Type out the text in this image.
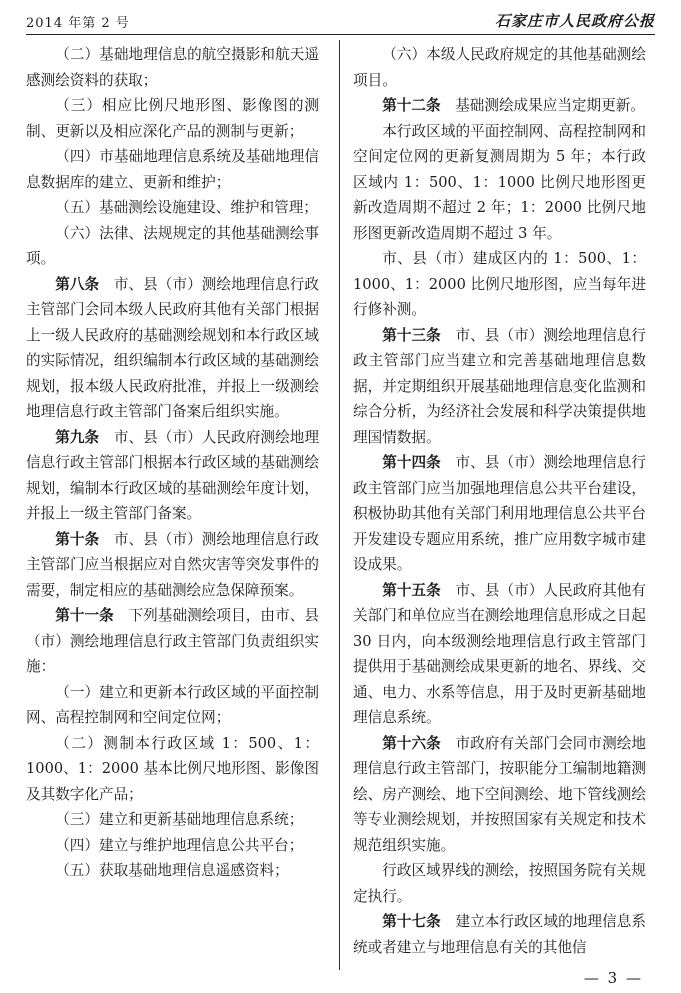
2014 年第 2 号	石家庄市人民政府公报

（二）基础地理信息的航空摄影和航天遥感测绘资料的获取；

（三）相应比例尺地形图、影像图的测制、更新以及相应深化产品的测制与更新；

（四）市基础地理信息系统及基础地理信息数据库的建立、更新和维护；

（五）基础测绘设施建设、维护和管理；

（六）法律、法规规定的其他基础测绘事项。

第八条　市、县（市）测绘地理信息行政主管部门会同本级人民政府其他有关部门根据上一级人民政府的基础测绘规划和本行政区域的实际情况，组织编制本行政区域的基础测绘规划，报本级人民政府批准，并报上一级测绘地理信息行政主管部门备案后组织实施。

第九条　市、县（市）人民政府测绘地理信息行政主管部门根据本行政区域的基础测绘规划，编制本行政区域的基础测绘年度计划，并报上一级主管部门备案。

第十条　市、县（市）测绘地理信息行政主管部门应当根据应对自然灾害等突发事件的需要，制定相应的基础测绘应急保障预案。

第十一条　下列基础测绘项目，由市、县（市）测绘地理信息行政主管部门负责组织实施：

（一）建立和更新本行政区域的平面控制网、高程控制网和空间定位网；

（二）测制本行政区域 1：500、1：1000、1：2000 基本比例尺地形图、影像图及其数字化产品；

（三）建立和更新基础地理信息系统；

（四）建立与维护地理信息公共平台；

（五）获取基础地理信息遥感资料；

（六）本级人民政府规定的其他基础测绘项目。

第十二条　基础测绘成果应当定期更新。

本行政区域的平面控制网、高程控制网和空间定位网的更新复测周期为 5 年；本行政区域内 1：500、1：1000 比例尺地形图更新改造周期不超过 2 年；1：2000 比例尺地形图更新改造周期不超过 3 年。

市、县（市）建成区内的 1：500、1：1000、1：2000 比例尺地形图，应当每年进行修补测。

第十三条　市、县（市）测绘地理信息行政主管部门应当建立和完善基础地理信息数据，并定期组织开展基础地理信息变化监测和综合分析，为经济社会发展和科学决策提供地理国情数据。

第十四条　市、县（市）测绘地理信息行政主管部门应当加强地理信息公共平台建设，积极协助其他有关部门利用地理信息公共平台开发建设专题应用系统，推广应用数字城市建设成果。

第十五条　市、县（市）人民政府其他有关部门和单位应当在测绘地理信息形成之日起 30 日内，向本级测绘地理信息行政主管部门提供用于基础测绘成果更新的地名、界线、交通、电力、水系等信息，用于及时更新基础地理信息系统。

第十六条　市政府有关部门会同市测绘地理信息行政主管部门，按职能分工编制地籍测绘、房产测绘、地下空间测绘、地下管线测绘等专业测绘规划，并按照国家有关规定和技术规范组织实施。

行政区域界线的测绘，按照国务院有关规定执行。

第十七条　建立本行政区域的地理信息系统或者建立与地理信息有关的其他信

— 3 —
